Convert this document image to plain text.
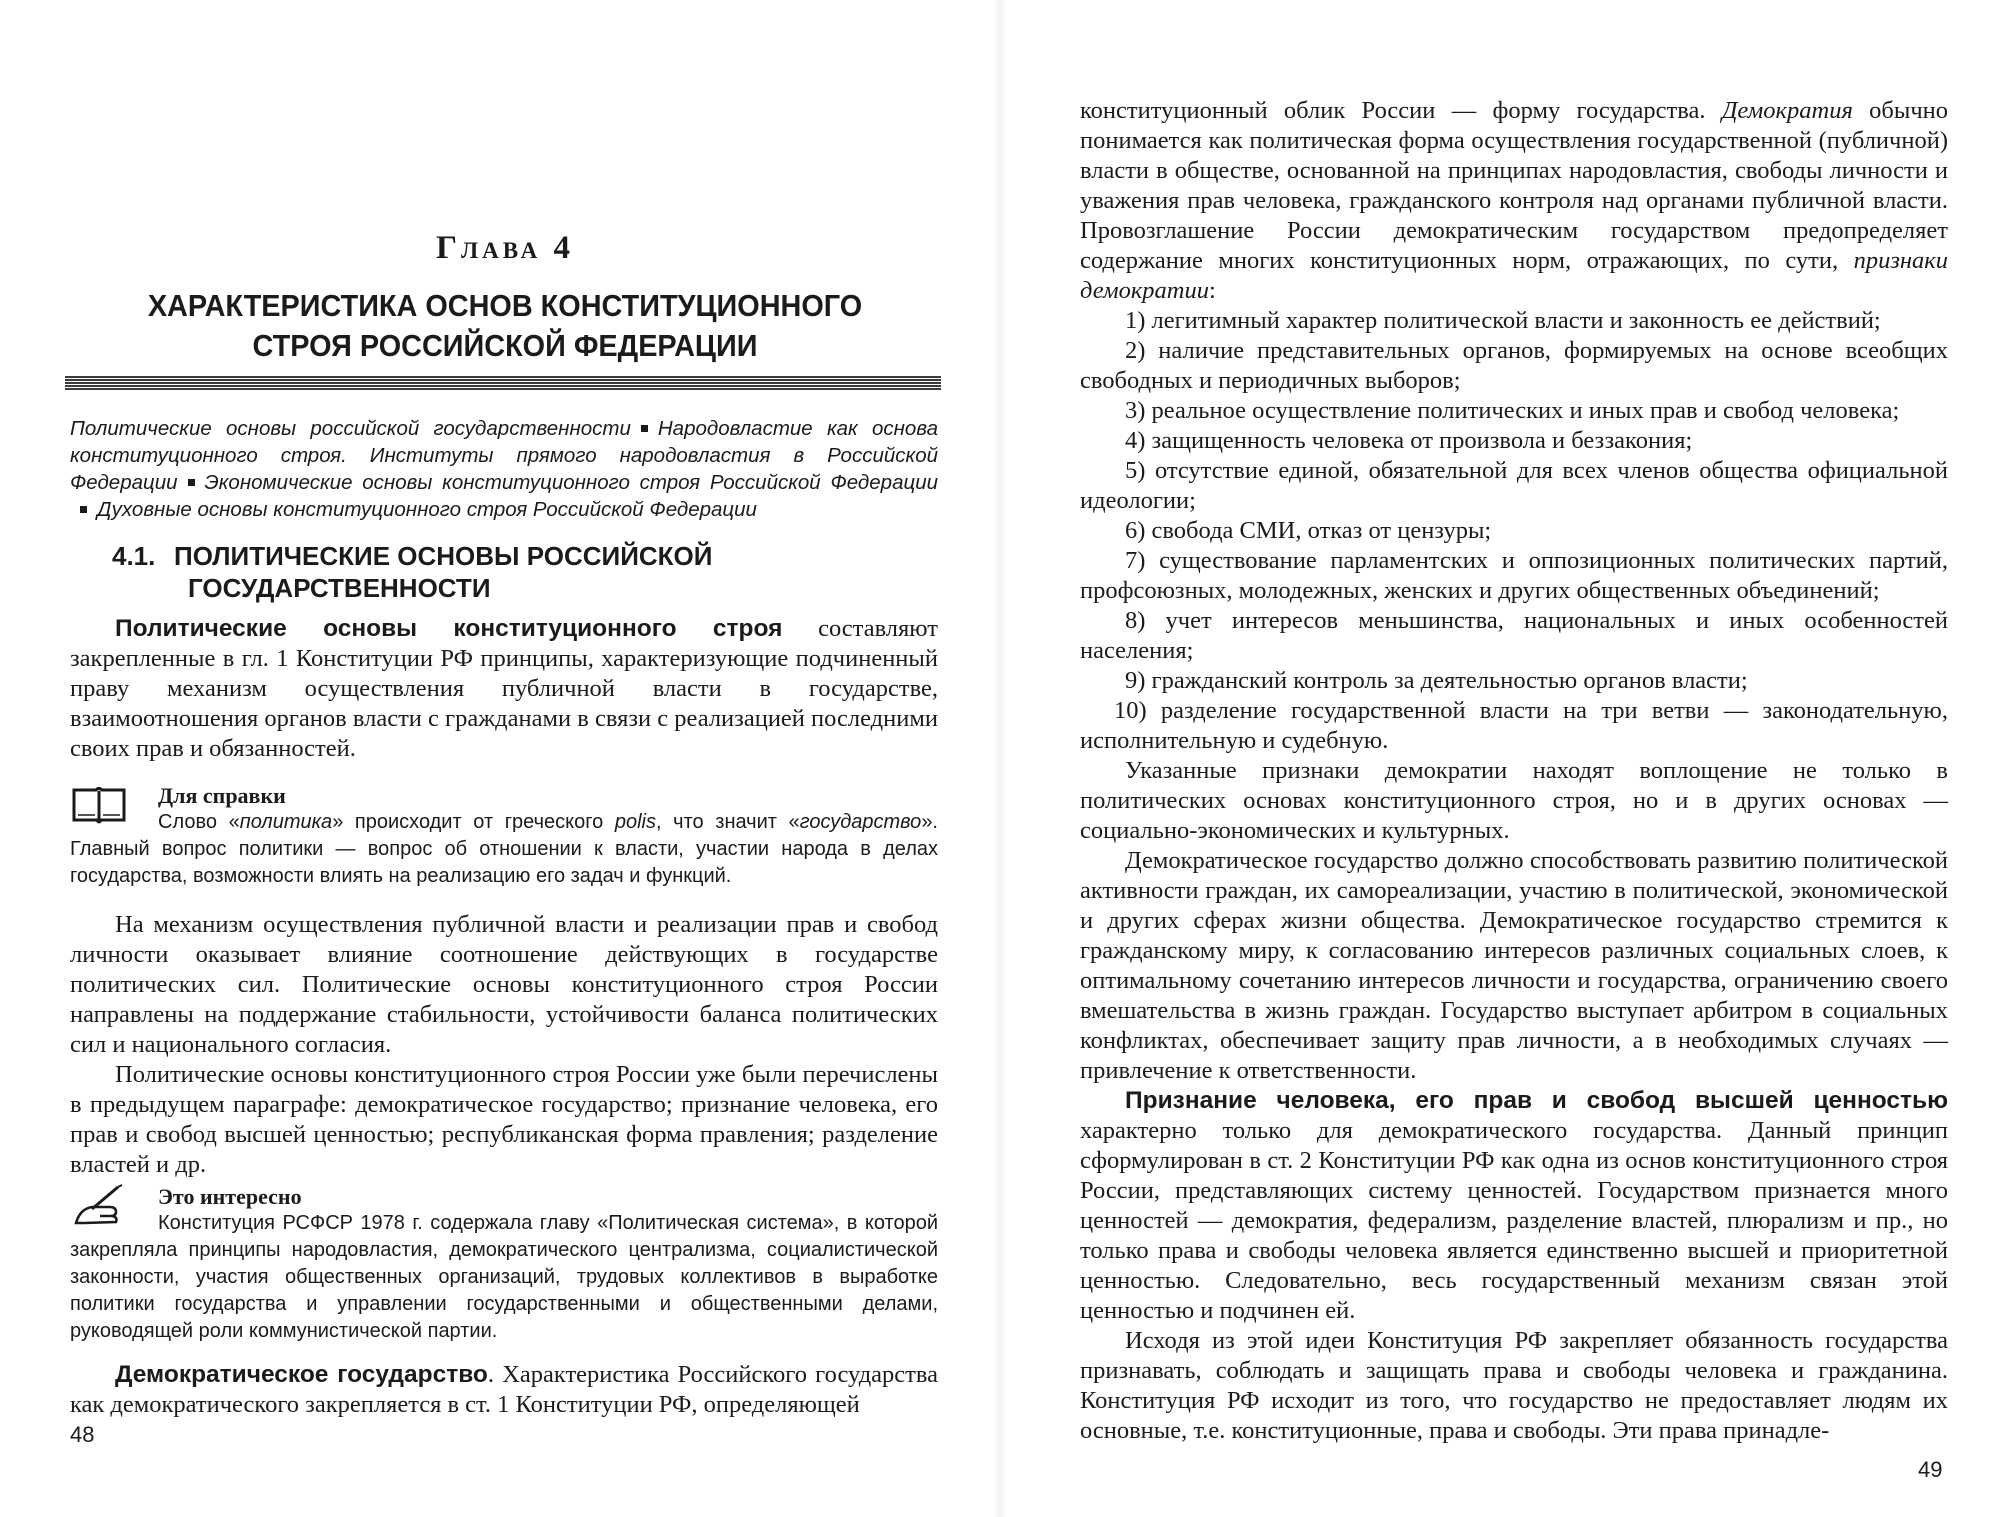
Глава 4
ХАРАКТЕРИСТИКА ОСНОВ КОНСТИТУЦИОННОГО
СТРОЯ РОССИЙСКОЙ ФЕДЕРАЦИИ
Политические основы российской государственности Народовластие как основа конституционного строя. Институты прямого народовластия в Российской Федерации Экономические основы конституционного строя Российской ФедерацииДуховные основы конституционного строя Российской Федерации
4.1. ПОЛИТИЧЕСКИЕ ОСНОВЫ РОССИЙСКОЙ
ГОСУДАРСТВЕННОСТИ

Политические основы конституционного строя составляют закрепленные в гл. 1 Конституции РФ принципы, характеризующие подчиненный праву механизм осуществления публичной власти в государстве, взаимоотношения органов власти с гражданами в связи с реализацией последними своих прав и обязанностей.

Для справки
Слово «политика» происходит от греческого polis, что значит «государство». Главный вопрос политики — вопрос об отношении к власти, участии народа в делах государства, возможности влиять на реализацию его задач и функций.

На механизм осуществления публичной власти и реализации прав и свобод личности оказывает влияние соотношение действующих в государстве политических сил. Политические основы конституционного строя России направлены на поддержание стабильности, устойчивости баланса политических сил и национального согласия.

Политические основы конституционного строя России уже были перечислены в предыдущем параграфе: демократическое государство; признание человека, его прав и свобод высшей ценностью; республиканская форма правления; разделение властей и др.

Это интересно
Конституция РСФСР 1978 г. содержала главу «Политическая система», в которой закрепляла принципы народовластия, демократического централизма, социалистической законности, участия общественных организаций, трудовых коллективов в выработке политики государства и управлении государственными и общественными делами, руководящей роли коммунистической партии.

Демократическое государство. Характеристика Российского государства как демократического закрепляется в ст. 1 Конституции РФ, определяющей

48

конституционный облик России — форму государства. Демократия обычно понимается как политическая форма осуществления государственной (публичной) власти в обществе, основанной на принципах народовластия, свободы личности и уважения прав человека, гражданского контроля над органами публичной власти. Провозглашение России демократическим государством предопределяет содержание многих конституционных норм, отражающих, по сути, признаки демократии:

1) легитимный характер политической власти и законность ее действий;

2) наличие представительных органов, формируемых на основе всеобщих свободных и периодичных выборов;

3) реальное осуществление политических и иных прав и свобод человека;

4) защищенность человека от произвола и беззакония;

5) отсутствие единой, обязательной для всех членов общества официальной идеологии;

6) свобода СМИ, отказ от цензуры;

7) существование парламентских и оппозиционных политических партий, профсоюзных, молодежных, женских и других общественных объединений;

8) учет интересов меньшинства, национальных и иных особенностей населения;

9) гражданский контроль за деятельностью органов власти;

10) разделение государственной власти на три ветви — законодательную, исполнительную и судебную.

Указанные признаки демократии находят воплощение не только в политических основах конституционного строя, но и в других основах — социально-экономических и культурных.

Демократическое государство должно способствовать развитию политической активности граждан, их самореализации, участию в политической, экономической и других сферах жизни общества. Демократическое государство стремится к гражданскому миру, к согласованию интересов различных социальных слоев, к оптимальному сочетанию интересов личности и государства, ограничению своего вмешательства в жизнь граждан. Государство выступает арбитром в социальных конфликтах, обеспечивает защиту прав личности, а в необходимых случаях — привлечение к ответственности.

Признание человека, его прав и свобод высшей ценностью характерно только для демократического государства. Данный принцип сформулирован в ст. 2 Конституции РФ как одна из основ конституционного строя России, представляющих систему ценностей. Государством признается много ценностей — демократия, федерализм, разделение властей, плюрализм и пр., но только права и свободы человека является единственно высшей и приоритетной ценностью. Следовательно, весь государственный механизм связан этой ценностью и подчинен ей.

Исходя из этой идеи Конституция РФ закрепляет обязанность государства признавать, соблюдать и защищать права и свободы человека и гражданина. Конституция РФ исходит из того, что государство не предоставляет людям их основные, т.е. конституционные, права и свободы. Эти права принадле-

49
